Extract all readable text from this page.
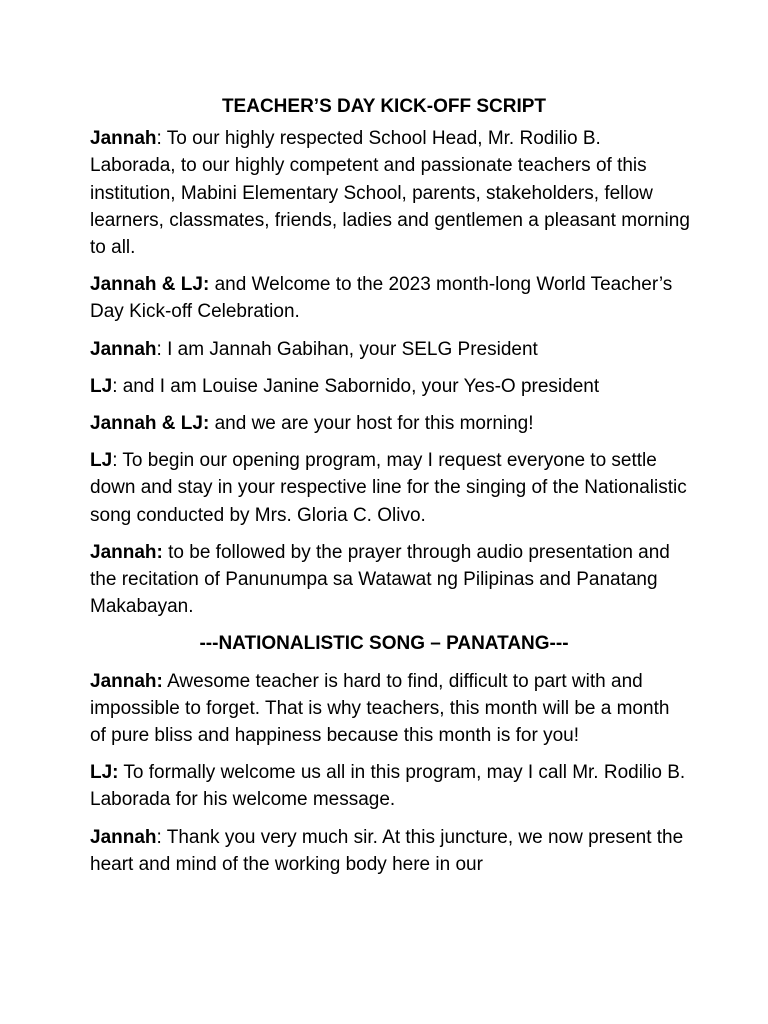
TEACHER’S DAY KICK-OFF SCRIPT

Jannah: To our highly respected School Head, Mr. Rodilio B. Laborada, to our highly competent and passionate teachers of this institution, Mabini Elementary School, parents, stakeholders, fellow learners, classmates, friends, ladies and gentlemen a pleasant morning to all.

Jannah & LJ: and Welcome to the 2023 month-long World Teacher’s Day Kick-off Celebration.

Jannah: I am Jannah Gabihan, your SELG President

LJ: and I am Louise Janine Sabornido, your Yes-O president

Jannah & LJ: and we are your host for this morning!

LJ: To begin our opening program, may I request everyone to settle down and stay in your respective line for the singing of the Nationalistic song conducted by Mrs. Gloria C. Olivo.

Jannah: to be followed by the prayer through audio presentation and the recitation of Panunumpa sa Watawat ng Pilipinas and Panatang Makabayan.

---NATIONALISTIC SONG – PANATANG---

Jannah: Awesome teacher is hard to find, difficult to part with and impossible to forget. That is why teachers, this month will be a month of pure bliss and happiness because this month is for you!

LJ: To formally welcome us all in this program, may I call Mr. Rodilio B. Laborada for his welcome message.

Jannah: Thank you very much sir. At this juncture, we now present the heart and mind of the working body here in our
